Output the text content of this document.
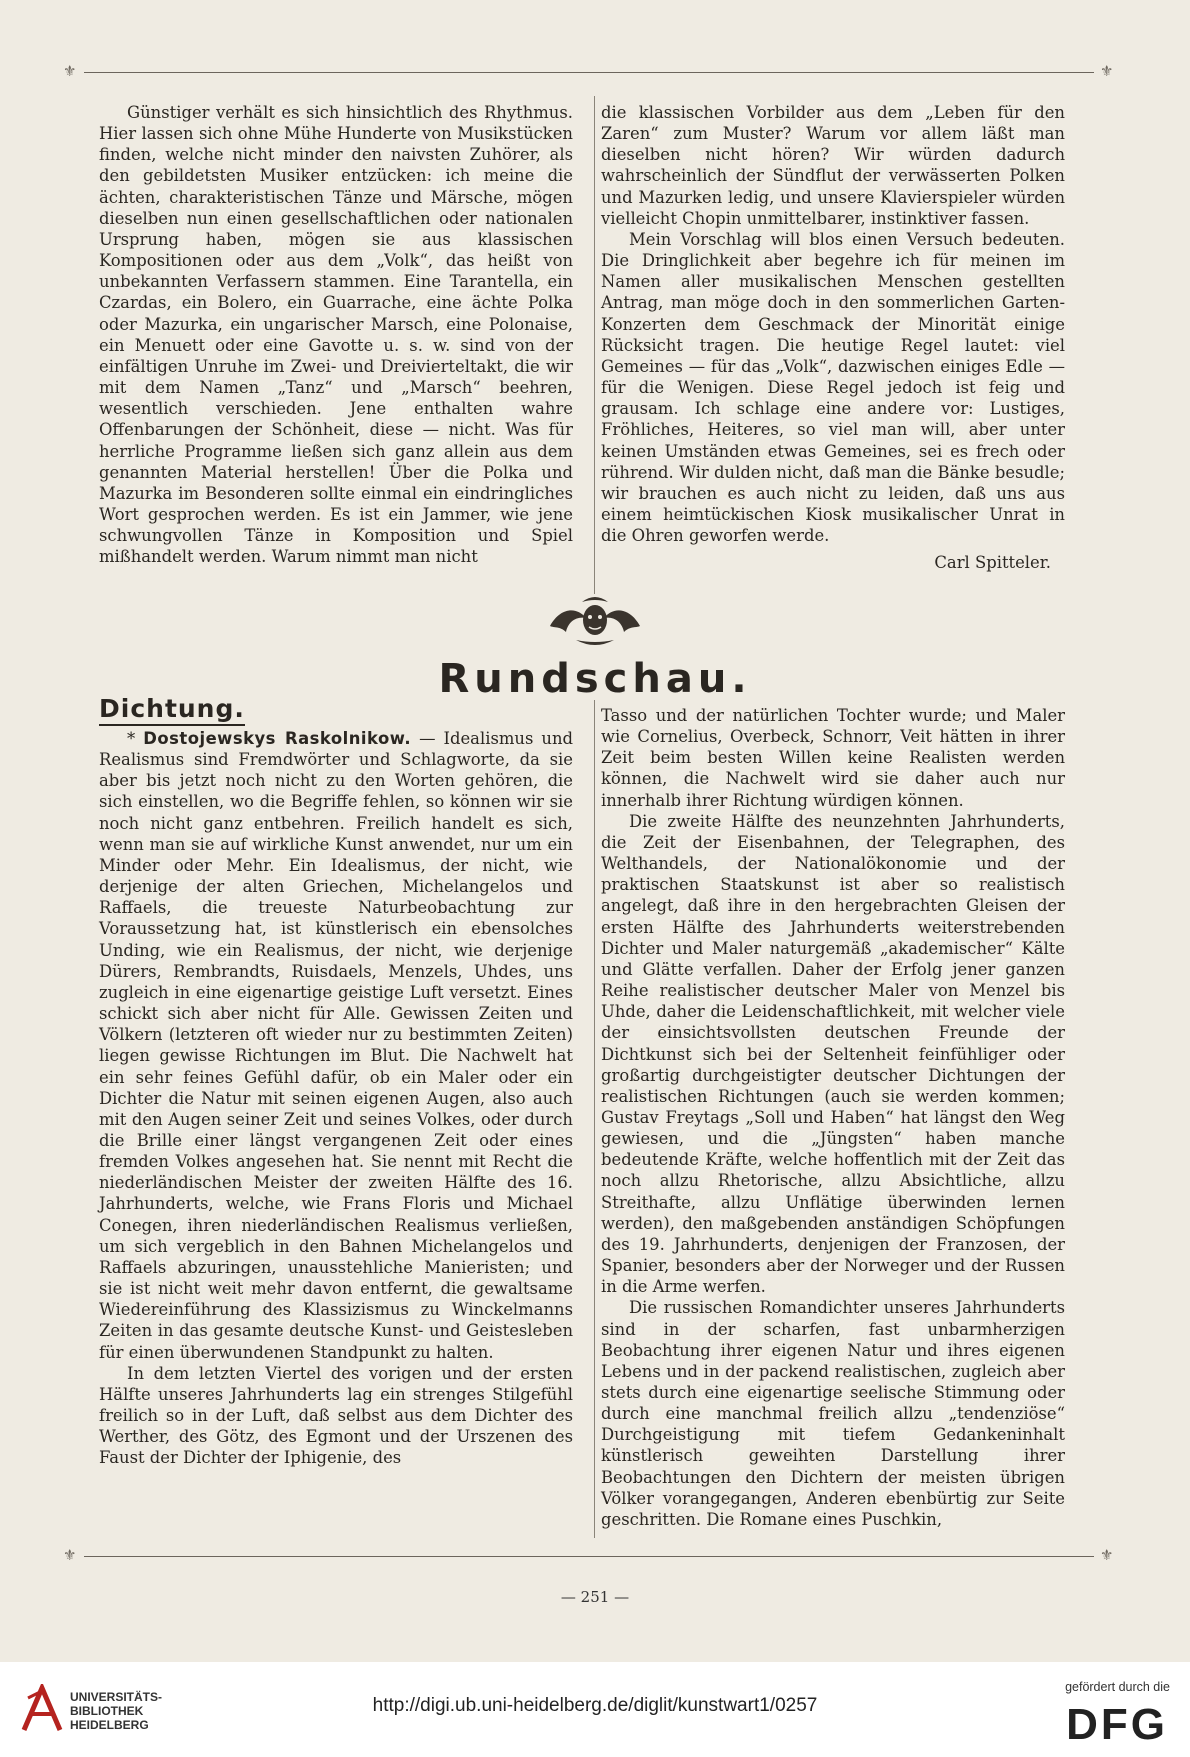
⚜	⚜

Günstiger verhält es sich hinsichtlich des Rhythmus. Hier lassen sich ohne Mühe Hunderte von Musikstücken finden, welche nicht minder den naivsten Zuhörer, als den gebildetsten Musiker entzücken: ich meine die ächten, charakteristischen Tänze und Märsche, mögen dieselben nun einen gesellschaftlichen oder nationalen Ursprung haben, mögen sie aus klassischen Kompositionen oder aus dem „Volk“, das heißt von unbekannten Verfassern stammen. Eine Tarantella, ein Czardas, ein Bolero, ein Guarrache, eine ächte Polka oder Mazurka, ein ungarischer Marsch, eine Polonaise, ein Menuett oder eine Gavotte u. s. w. sind von der einfältigen Unruhe im Zwei- und Dreivierteltakt, die wir mit dem Namen „Tanz“ und „Marsch“ beehren, wesentlich verschieden. Jene enthalten wahre Offenbarungen der Schönheit, diese — nicht. Was für herrliche Programme ließen sich ganz allein aus dem genannten Material herstellen! Über die Polka und Mazurka im Besonderen sollte einmal ein eindringliches Wort gesprochen werden. Es ist ein Jammer, wie jene schwungvollen Tänze in Komposition und Spiel mißhandelt werden. Warum nimmt man nicht

die klassischen Vorbilder aus dem „Leben für den Zaren“ zum Muster? Warum vor allem läßt man dieselben nicht hören? Wir würden dadurch wahrscheinlich der Sündflut der verwässerten Polken und Mazurken ledig, und unsere Klavierspieler würden vielleicht Chopin unmittelbarer, instinktiver fassen.

Mein Vorschlag will blos einen Versuch bedeuten. Die Dringlichkeit aber begehre ich für meinen im Namen aller musikalischen Menschen gestellten Antrag, man möge doch in den sommerlichen Garten-Konzerten dem Geschmack der Minorität einige Rücksicht tragen. Die heutige Regel lautet: viel Gemeines — für das „Volk“, dazwischen einiges Edle — für die Wenigen. Diese Regel jedoch ist feig und grausam. Ich schlage eine andere vor: Lustiges, Fröhliches, Heiteres, so viel man will, aber unter keinen Umständen etwas Gemeines, sei es frech oder rührend. Wir dulden nicht, daß man die Bänke besudle; wir brauchen es auch nicht zu leiden, daß uns aus einem heimtückischen Kiosk musikalischer Unrat in die Ohren geworfen werde.

Carl Spitteler.

Rundschau.
Dichtung.

* Dostojewskys Raskolnikow. — Idealismus und Realismus sind Fremdwörter und Schlagworte, da sie aber bis jetzt noch nicht zu den Worten gehören, die sich einstellen, wo die Begriffe fehlen, so können wir sie noch nicht ganz entbehren. Freilich handelt es sich, wenn man sie auf wirkliche Kunst anwendet, nur um ein Minder oder Mehr. Ein Idealismus, der nicht, wie derjenige der alten Griechen, Michelangelos und Raffaels, die treueste Naturbeobachtung zur Voraussetzung hat, ist künstlerisch ein ebensolches Unding, wie ein Realismus, der nicht, wie derjenige Dürers, Rembrandts, Ruisdaels, Menzels, Uhdes, uns zugleich in eine eigenartige geistige Luft versetzt. Eines schickt sich aber nicht für Alle. Gewissen Zeiten und Völkern (letzteren oft wieder nur zu bestimmten Zeiten) liegen gewisse Richtungen im Blut. Die Nachwelt hat ein sehr feines Gefühl dafür, ob ein Maler oder ein Dichter die Natur mit seinen eigenen Augen, also auch mit den Augen seiner Zeit und seines Volkes, oder durch die Brille einer längst vergangenen Zeit oder eines fremden Volkes angesehen hat. Sie nennt mit Recht die niederländischen Meister der zweiten Hälfte des 16. Jahrhunderts, welche, wie Frans Floris und Michael Conegen, ihren niederländischen Realismus verließen, um sich vergeblich in den Bahnen Michelangelos und Raffaels abzuringen, unausstehliche Manieristen; und sie ist nicht weit mehr davon entfernt, die gewaltsame Wiedereinführung des Klassizismus zu Winckelmanns Zeiten in das gesamte deutsche Kunst- und Geistesleben für einen überwundenen Standpunkt zu halten.

In dem letzten Viertel des vorigen und der ersten Hälfte unseres Jahrhunderts lag ein strenges Stilgefühl freilich so in der Luft, daß selbst aus dem Dichter des Werther, des Götz, des Egmont und der Urszenen des Faust der Dichter der Iphigenie, des

Tasso und der natürlichen Tochter wurde; und Maler wie Cornelius, Overbeck, Schnorr, Veit hätten in ihrer Zeit beim besten Willen keine Realisten werden können, die Nachwelt wird sie daher auch nur innerhalb ihrer Richtung würdigen können.

Die zweite Hälfte des neunzehnten Jahrhunderts, die Zeit der Eisenbahnen, der Telegraphen, des Welthandels, der Nationalökonomie und der praktischen Staatskunst ist aber so realistisch angelegt, daß ihre in den hergebrachten Gleisen der ersten Hälfte des Jahrhunderts weiterstrebenden Dichter und Maler naturgemäß „akademischer“ Kälte und Glätte verfallen. Daher der Erfolg jener ganzen Reihe realistischer deutscher Maler von Menzel bis Uhde, daher die Leidenschaftlichkeit, mit welcher viele der einsichtsvollsten deutschen Freunde der Dichtkunst sich bei der Seltenheit feinfühliger oder großartig durchgeistigter deutscher Dichtungen der realistischen Richtungen (auch sie werden kommen; Gustav Freytags „Soll und Haben“ hat längst den Weg gewiesen, und die „Jüngsten“ haben manche bedeutende Kräfte, welche hoffentlich mit der Zeit das noch allzu Rhetorische, allzu Absichtliche, allzu Streithafte, allzu Unflätige überwinden lernen werden), den maßgebenden anständigen Schöpfungen des 19. Jahrhunderts, denjenigen der Franzosen, der Spanier, besonders aber der Norweger und der Russen in die Arme werfen.

Die russischen Romandichter unseres Jahrhunderts sind in der scharfen, fast unbarmherzigen Beobachtung ihrer eigenen Natur und ihres eigenen Lebens und in der packend realistischen, zugleich aber stets durch eine eigenartige seelische Stimmung oder durch eine manchmal freilich allzu „tendenziöse“ Durchgeistigung mit tiefem Gedankeninhalt künstlerisch geweihten Darstellung ihrer Beobachtungen den Dichtern der meisten übrigen Völker vorangegangen, Anderen ebenbürtig zur Seite geschritten. Die Romane eines Puschkin,

⚜	⚜
— 251 —
UNIVERSITÄTS-
BIBLIOTHEK
HEIDELBERG
http://digi.ub.uni-heidelberg.de/diglit/kunstwart1/0257
gefördert durch die
DFG
